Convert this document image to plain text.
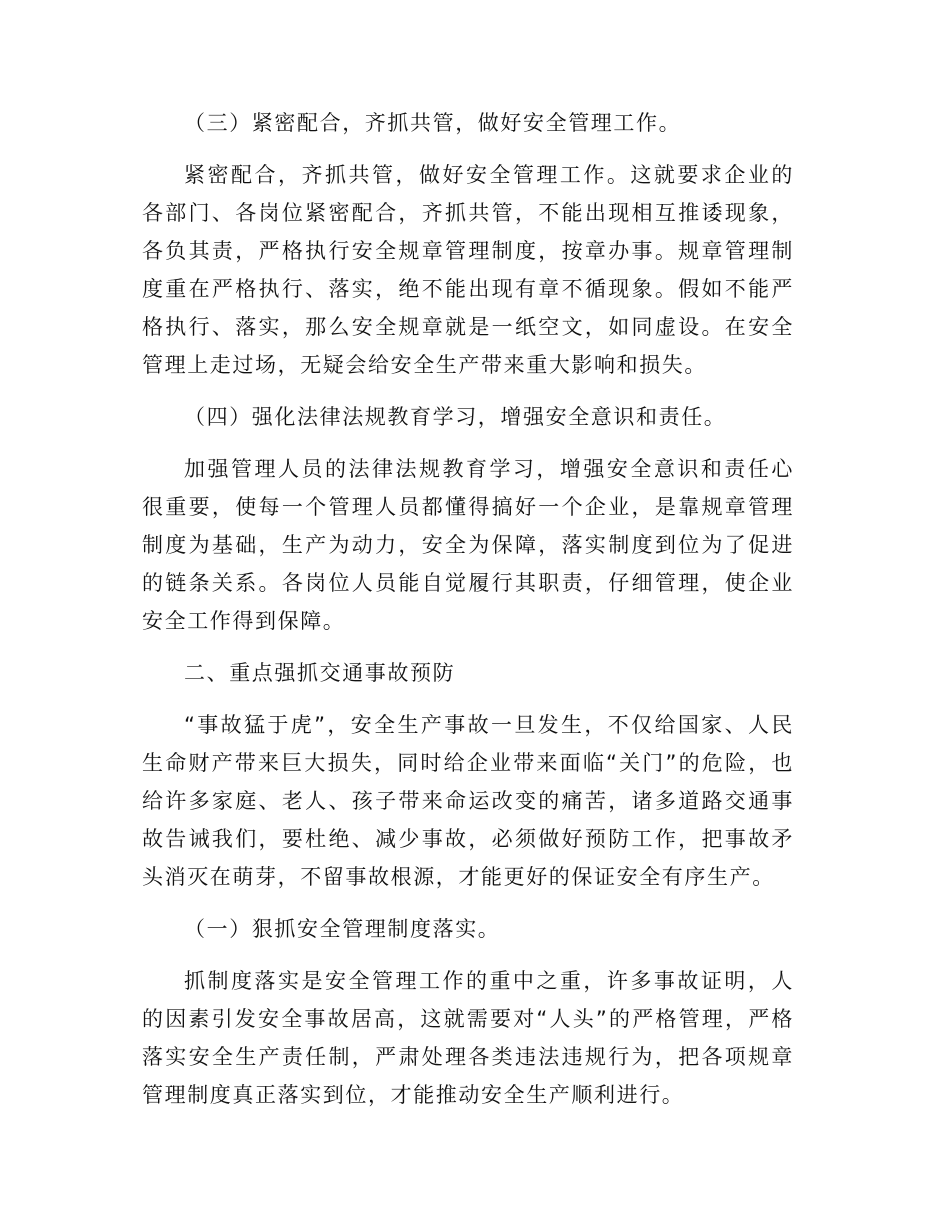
（三）紧密配合，齐抓共管，做好安全管理工作。

紧密配合，齐抓共管，做好安全管理工作。这就要求企业的各部门、各岗位紧密配合，齐抓共管，不能出现相互推诿现象，各负其责，严格执行安全规章管理制度，按章办事。规章管理制度重在严格执行、落实，绝不能出现有章不循现象。假如不能严格执行、落实，那么安全规章就是一纸空文，如同虚设。在安全管理上走过场，无疑会给安全生产带来重大影响和损失。

（四）强化法律法规教育学习，增强安全意识和责任。

加强管理人员的法律法规教育学习，增强安全意识和责任心很重要，使每一个管理人员都懂得搞好一个企业，是靠规章管理制度为基础，生产为动力，安全为保障，落实制度到位为了促进的链条关系。各岗位人员能自觉履行其职责，仔细管理，使企业安全工作得到保障。

二、重点强抓交通事故预防

“事故猛于虎”，安全生产事故一旦发生，不仅给国家、人民生命财产带来巨大损失，同时给企业带来面临“关门”的危险，也给许多家庭、老人、孩子带来命运改变的痛苦，诸多道路交通事故告诫我们，要杜绝、减少事故，必须做好预防工作，把事故矛头消灭在萌芽，不留事故根源，才能更好的保证安全有序生产。

（一）狠抓安全管理制度落实。

抓制度落实是安全管理工作的重中之重，许多事故证明，人的因素引发安全事故居高，这就需要对“人头”的严格管理，严格落实安全生产责任制，严肃处理各类违法违规行为，把各项规章管理制度真正落实到位，才能推动安全生产顺利进行。
